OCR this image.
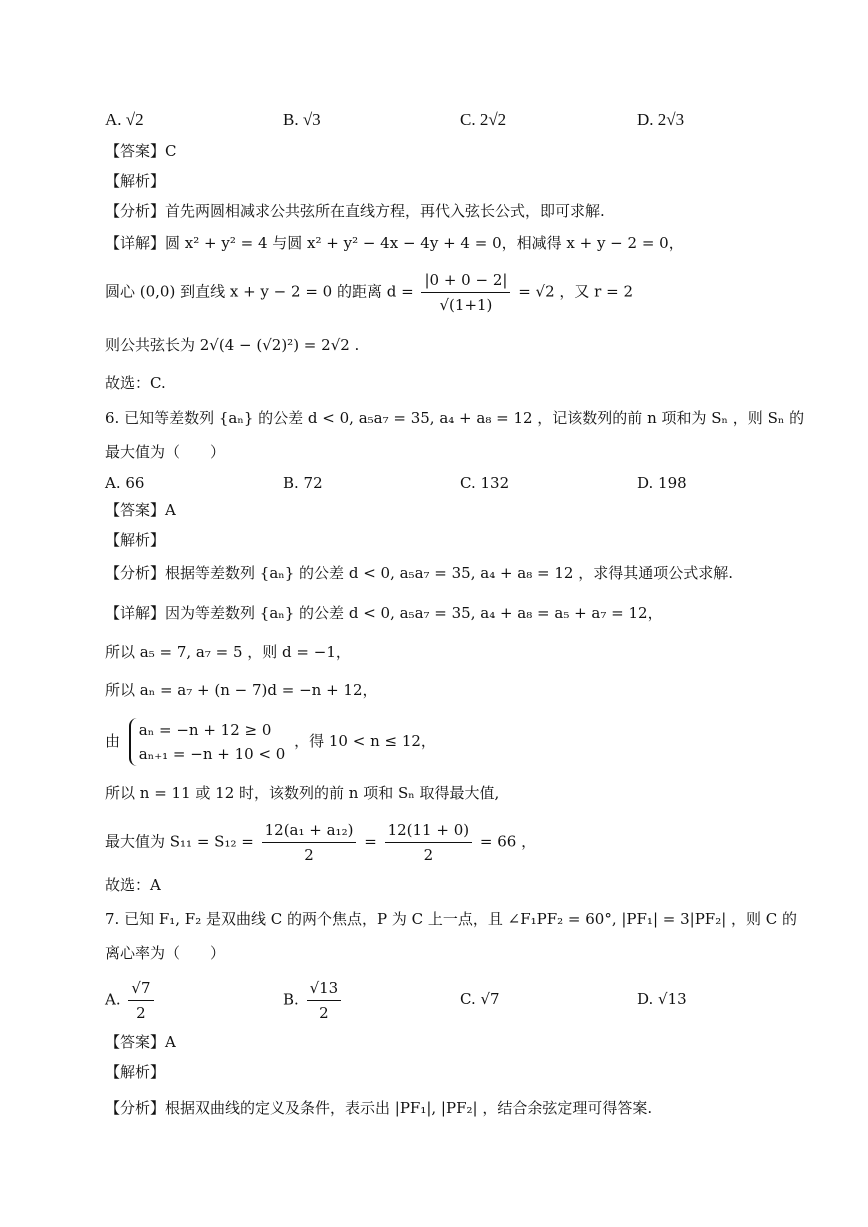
A. √2	B. √3	C. 2√2	D. 2√3
【答案】C
【解析】
【分析】首先两圆相减求公共弦所在直线方程，再代入弦长公式，即可求解.
【详解】圆 x² + y² = 4 与圆 x² + y² − 4x − 4y + 4 = 0，相减得 x + y − 2 = 0，
圆心 (0,0) 到直线 x + y − 2 = 0 的距离 $d = \frac{|0 + 0 - 2|}{√(1+1)} = √2$ ，又 r = 2
则公共弦长为 2√(4 − (√2)²) = 2√2 .
故选：C.
6. 已知等差数列 {aₙ} 的公差 d < 0, a₅a₇ = 35, a₄ + a₈ = 12 ，记该数列的前 n 项和为 Sₙ ，则 Sₙ 的
最大值为（　　）
A. 66	B. 72	C. 132	D. 198
【答案】A
【解析】
【分析】根据等差数列 {aₙ} 的公差 d < 0, a₅a₇ = 35, a₄ + a₈ = 12 ，求得其通项公式求解.
【详解】因为等差数列 {aₙ} 的公差 d < 0, a₅a₇ = 35, a₄ + a₈ = a₅ + a₇ = 12，
所以 a₅ = 7, a₇ = 5 ，则 d = −1，
所以 aₙ = a₇ + (n − 7)d = −n + 12，
由
aₙ = −n + 12 ≥ 0
aₙ₊₁ = −n + 10 < 0
，得 10 < n ≤ 12，
所以 n = 11 或 12 时，该数列的前 n 项和 Sₙ 取得最大值,
最大值为 $S_{11} = S_{12} = \frac{\text{12(a₁ + a₁₂)}}{2} = \frac{12(11 + 0)}{2} = 66$ ，
故选：A
7. 已知 F₁, F₂ 是双曲线 C 的两个焦点，P 为 C 上一点，且 ∠F₁PF₂ = 60°, |PF₁| = 3|PF₂| ，则 C 的
离心率为（　　）
A. $\frac{√7}{2}$	B. $\frac{√13}{2}$	C. √7	D. √13
【答案】A
【解析】
【分析】根据双曲线的定义及条件，表示出 |PF₁|, |PF₂| ，结合余弦定理可得答案.
